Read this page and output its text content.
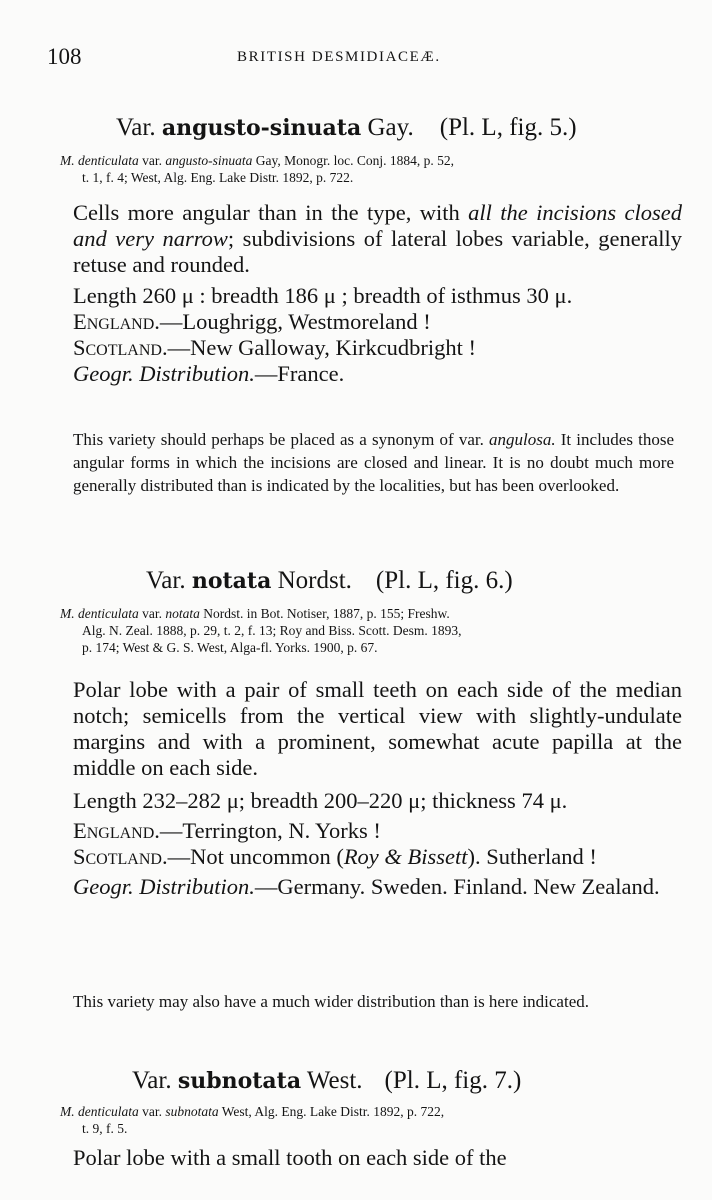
108	BRITISH DESMIDIACEÆ.
Var. angusto-sinuata Gay. (Pl. L, fig. 5.)
M. denticulata var. angusto-sinuata Gay, Monogr. loc. Conj. 1884, p. 52,
t. 1, f. 4; West, Alg. Eng. Lake Distr. 1892, p. 722.

Cells more angular than in the type, with all the incisions closed and very narrow; subdivisions of lateral lobes variable, generally retuse and rounded.

Length 260 μ : breadth 186 μ ; breadth of isthmus 30 μ.

England.—Loughrigg, Westmoreland !

Scotland.—New Galloway, Kirkcudbright !

Geogr. Distribution.—France.

This variety should perhaps be placed as a synonym of var. angulosa. It includes those angular forms in which the incisions are closed and linear. It is no doubt much more generally distributed than is indicated by the localities, but has been overlooked.

Var. notata Nordst. (Pl. L, fig. 6.)
M. denticulata var. notata Nordst. in Bot. Notiser, 1887, p. 155; Freshw.
Alg. N. Zeal. 1888, p. 29, t. 2, f. 13; Roy and Biss. Scott. Desm. 1893,
p. 174; West & G. S. West, Alga-fl. Yorks. 1900, p. 67.

Polar lobe with a pair of small teeth on each side of the median notch; semicells from the vertical view with slightly-undulate margins and with a prominent, somewhat acute papilla at the middle on each side.

Length 232–282 μ; breadth 200–220 μ; thickness 74 μ.

England.—Terrington, N. Yorks !

Scotland.—Not uncommon (Roy & Bissett). Sutherland !

Geogr. Distribution.—Germany. Sweden. Finland. New Zealand.

This variety may also have a much wider distribution than is here indicated.

Var. subnotata West. (Pl. L, fig. 7.)
M. denticulata var. subnotata West, Alg. Eng. Lake Distr. 1892, p. 722,
t. 9, f. 5.

Polar lobe with a small tooth on each side of the
